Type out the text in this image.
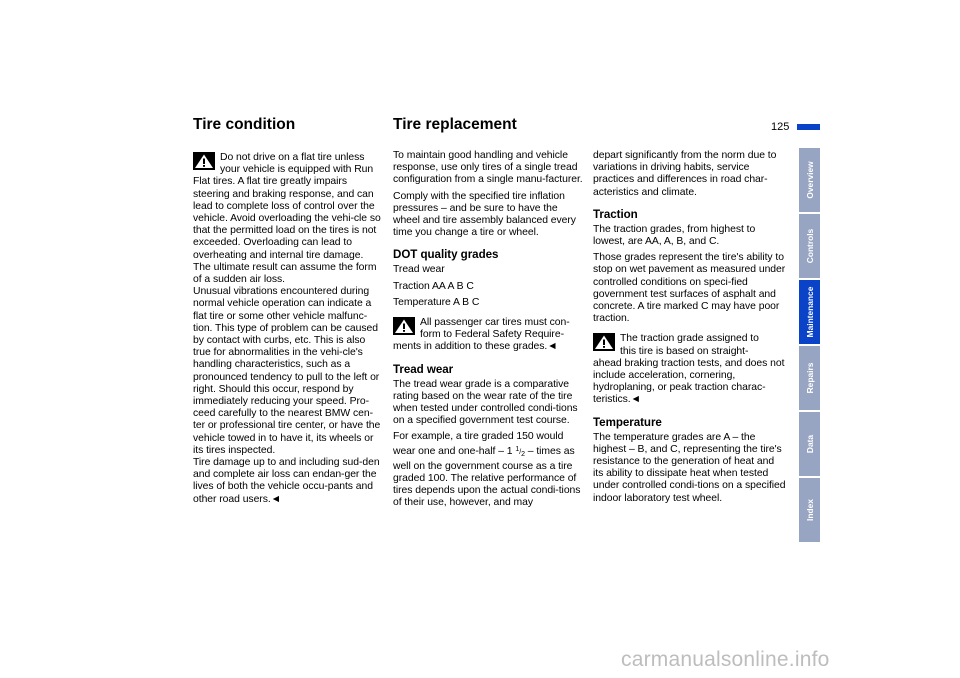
125
Tire condition	Tire replacement
Do not drive on a flat tire unless your vehicle is equipped with Run Flat tires. A flat tire greatly impairs steering and braking response, and can lead to complete loss of control over the vehicle. Avoid overloading the vehi-cle so that the permitted load on the tires is not exceeded. Overloading can lead to overheating and internal tire damage.

The ultimate result can assume the form of a sudden air loss.

Unusual vibrations encountered during normal vehicle operation can indicate a flat tire or some other vehicle malfunc-tion. This type of problem can be caused by contact with curbs, etc. This is also true for abnormalities in the vehi-cle's handling characteristics, such as a pronounced tendency to pull to the left or right. Should this occur, respond by immediately reducing your speed. Pro-ceed carefully to the nearest BMW cen-ter or professional tire center, or have the vehicle towed in to have it, its wheels or its tires inspected.

Tire damage up to and including sud-den and complete air loss can endan-ger the lives of both the vehicle occu-pants and other road users.◄

To maintain good handling and vehicle response, use only tires of a single tread configuration from a single manu-facturer.

Comply with the specified tire inflation pressures – and be sure to have the wheel and tire assembly balanced every time you change a tire or wheel.

DOT quality grades

Tread wear

Traction AA A B C

Temperature A B C

All passenger car tires must con-
form to Federal Safety Require-
ments in addition to these grades.◄
Tread wear

The tread wear grade is a comparative rating based on the wear rate of the tire when tested under controlled condi-tions on a specified government test course.

For example, a tire graded 150 would wear one and one-half – 1 1/2 – times as well on the government course as a tire graded 100. The relative performance of tires depends upon the actual condi-tions of their use, however, and may

depart significantly from the norm due to variations in driving habits, service practices and differences in road char-acteristics and climate.

Traction

The traction grades, from highest to lowest, are AA, A, B, and C.

Those grades represent the tire's ability to stop on wet pavement as measured under controlled conditions on speci-fied government test surfaces of asphalt and concrete. A tire marked C may have poor traction.

The traction grade assigned to
this tire is based on straight-
ahead braking traction tests, and does not include acceleration, cornering, hydroplaning, or peak traction charac-teristics.◄
Temperature

The temperature grades are A – the highest – B, and C, representing the tire's resistance to the generation of heat and its ability to dissipate heat when tested under controlled condi-tions on a specified indoor laboratory test wheel.

Overview
Controls
Maintenance
Repairs
Data
Index
carmanualsonline.info
